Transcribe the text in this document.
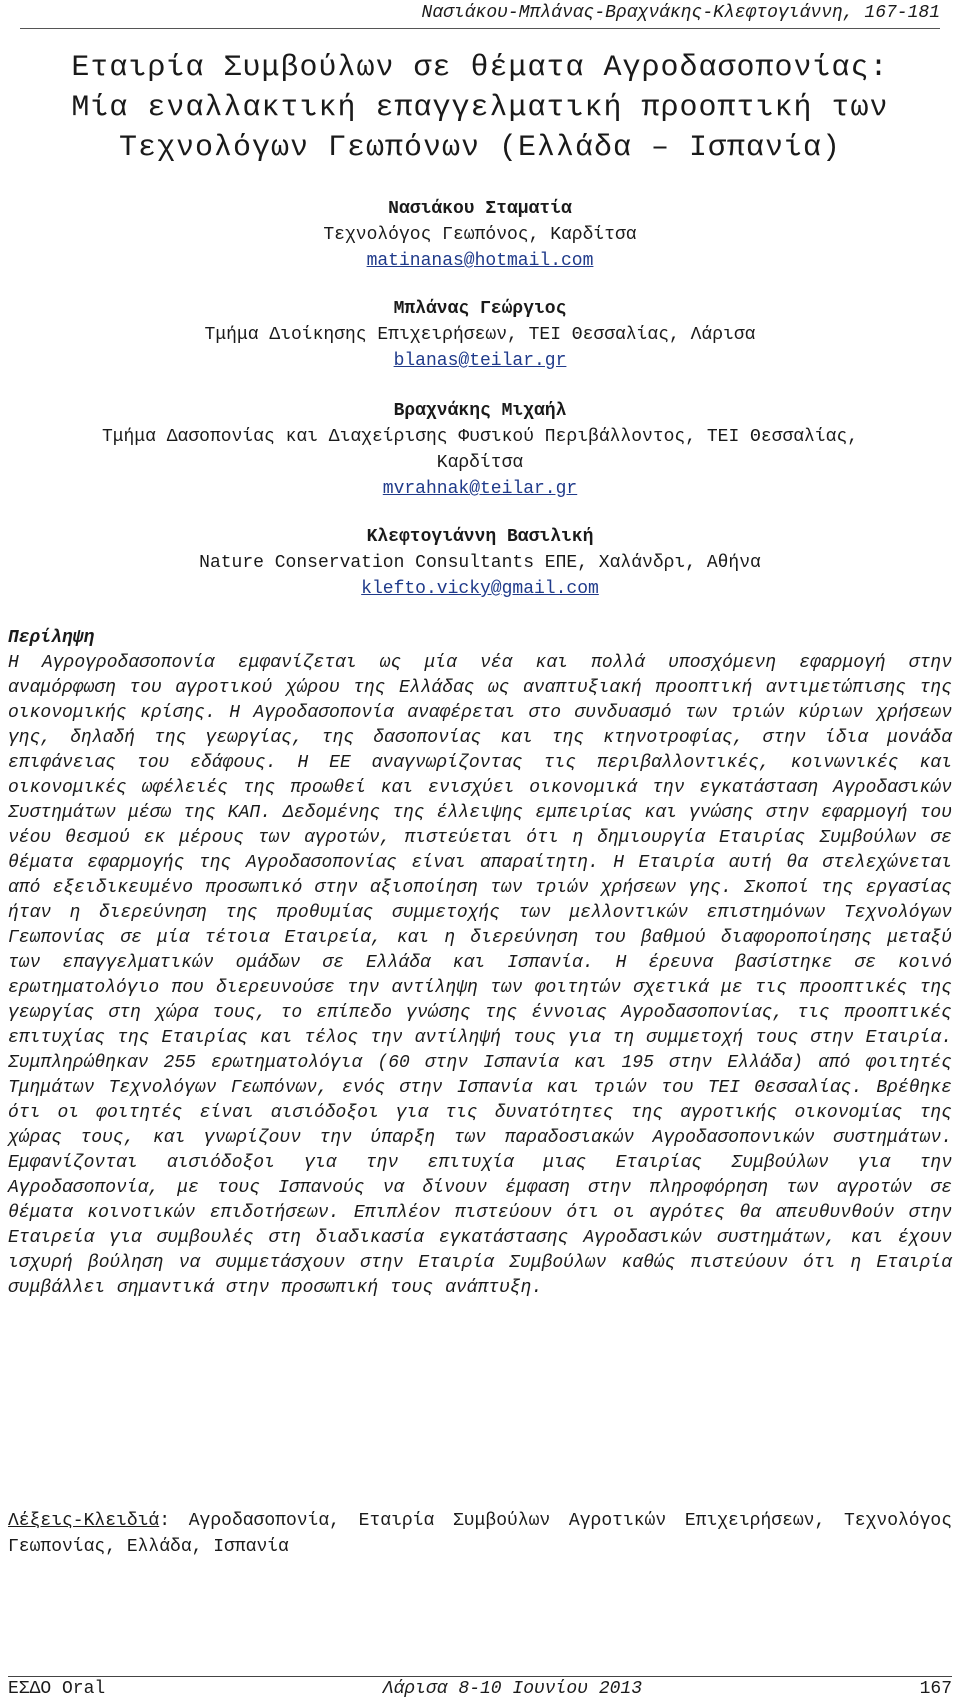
Νασιάκου-Μπλάνας-Βραχνάκης-Κλεφτογιάννη, 167-181
Εταιρία Συμβούλων σε θέματα Αγροδασοπονίας:
Μία εναλλακτική επαγγελματική προοπτική των
Τεχνολόγων Γεωπόνων (Ελλάδα – Ισπανία)
Νασιάκου Σταματία
Τεχνολόγος Γεωπόνος, Καρδίτσα
matinanas@hotmail.com
Μπλάνας Γεώργιος
Τμήμα Διοίκησης Επιχειρήσεων, ΤΕΙ Θεσσαλίας, Λάρισα
blanas@teilar.gr
Βραχνάκης Μιχαήλ
Τμήμα Δασοπονίας και Διαχείρισης Φυσικού Περιβάλλοντος, ΤΕΙ Θεσσαλίας, Καρδίτσα
mvrahnak@teilar.gr
Κλεφτογιάννη Βασιλική
Nature Conservation Consultants ΕΠΕ, Χαλάνδρι, Αθήνα
klefto.vicky@gmail.com
Περίληψη
Η Αγρογροδασοπονία εμφανίζεται ως μία νέα και πολλά υποσχόμενη εφαρμογή στην αναμόρφωση του αγροτικού χώρου της Ελλάδας ως αναπτυξιακή προοπτική αντιμετώπισης της οικονομικής κρίσης. Η Αγροδασοπονία αναφέρεται στο συνδυασμό των τριών κύριων χρήσεων γης, δηλαδή της γεωργίας, της δασοπονίας και της κτηνοτροφίας, στην ίδια μονάδα επιφάνειας του εδάφους. Η ΕΕ αναγνωρίζοντας τις περιβαλλοντικές, κοινωνικές και οικονομικές ωφέλειές της προωθεί και ενισχύει οικονομικά την εγκατάσταση Αγροδασικών Συστημάτων μέσω της ΚΑΠ. Δεδομένης της έλλειψης εμπειρίας και γνώσης στην εφαρμογή του νέου θεσμού εκ μέρους των αγροτών, πιστεύεται ότι η δημιουργία Εταιρίας Συμβούλων σε θέματα εφαρμογής της Αγροδασοπονίας είναι απαραίτητη. Η Εταιρία αυτή θα στελεχώνεται από εξειδικευμένο προσωπικό στην αξιοποίηση των τριών χρήσεων γης. Σκοποί της εργασίας ήταν η διερεύνηση της προθυμίας συμμετοχής των μελλοντικών επιστημόνων Τεχνολόγων Γεωπονίας σε μία τέτοια Εταιρεία, και η διερεύνηση του βαθμού διαφοροποίησης μεταξύ των επαγγελματικών ομάδων σε Ελλάδα και Ισπανία. Η έρευνα βασίστηκε σε κοινό ερωτηματολόγιο που διερευνούσε την αντίληψη των φοιτητών σχετικά με τις προοπτικές της γεωργίας στη χώρα τους, το επίπεδο γνώσης της έννοιας Αγροδασοπονίας, τις προοπτικές επιτυχίας της Εταιρίας και τέλος την αντίληψή τους για τη συμμετοχή τους στην Εταιρία. Συμπληρώθηκαν 255 ερωτηματολόγια (60 στην Ισπανία και 195 στην Ελλάδα) από φοιτητές Τμημάτων Τεχνολόγων Γεωπόνων, ενός στην Ισπανία και τριών του ΤΕΙ Θεσσαλίας. Βρέθηκε ότι οι φοιτητές είναι αισιόδοξοι για τις δυνατότητες της αγροτικής οικονομίας της χώρας τους, και γνωρίζουν την ύπαρξη των παραδοσιακών Αγροδασοπονικών συστημάτων. Εμφανίζονται αισιόδοξοι για την επιτυχία μιας Εταιρίας Συμβούλων για την Αγροδασοπονία, με τους Ισπανούς να δίνουν έμφαση στην πληροφόρηση των αγροτών σε θέματα κοινοτικών επιδοτήσεων. Επιπλέον πιστεύουν ότι οι αγρότες θα απευθυνθούν στην Εταιρεία για συμβουλές στη διαδικασία εγκατάστασης Αγροδασικών συστημάτων, και έχουν ισχυρή βούληση να συμμετάσχουν στην Εταιρία Συμβούλων καθώς πιστεύουν ότι η Εταιρία συμβάλλει σημαντικά στην προσωπική τους ανάπτυξη.
Λέξεις-Κλειδιά: Αγροδασοπονία, Εταιρία Συμβούλων Αγροτικών Επιχειρήσεων, Τεχνολόγος Γεωπονίας, Ελλάδα, Ισπανία
ΕΣΔΟ Oral	Λάρισα 8-10 Ιουνίου 2013	167
